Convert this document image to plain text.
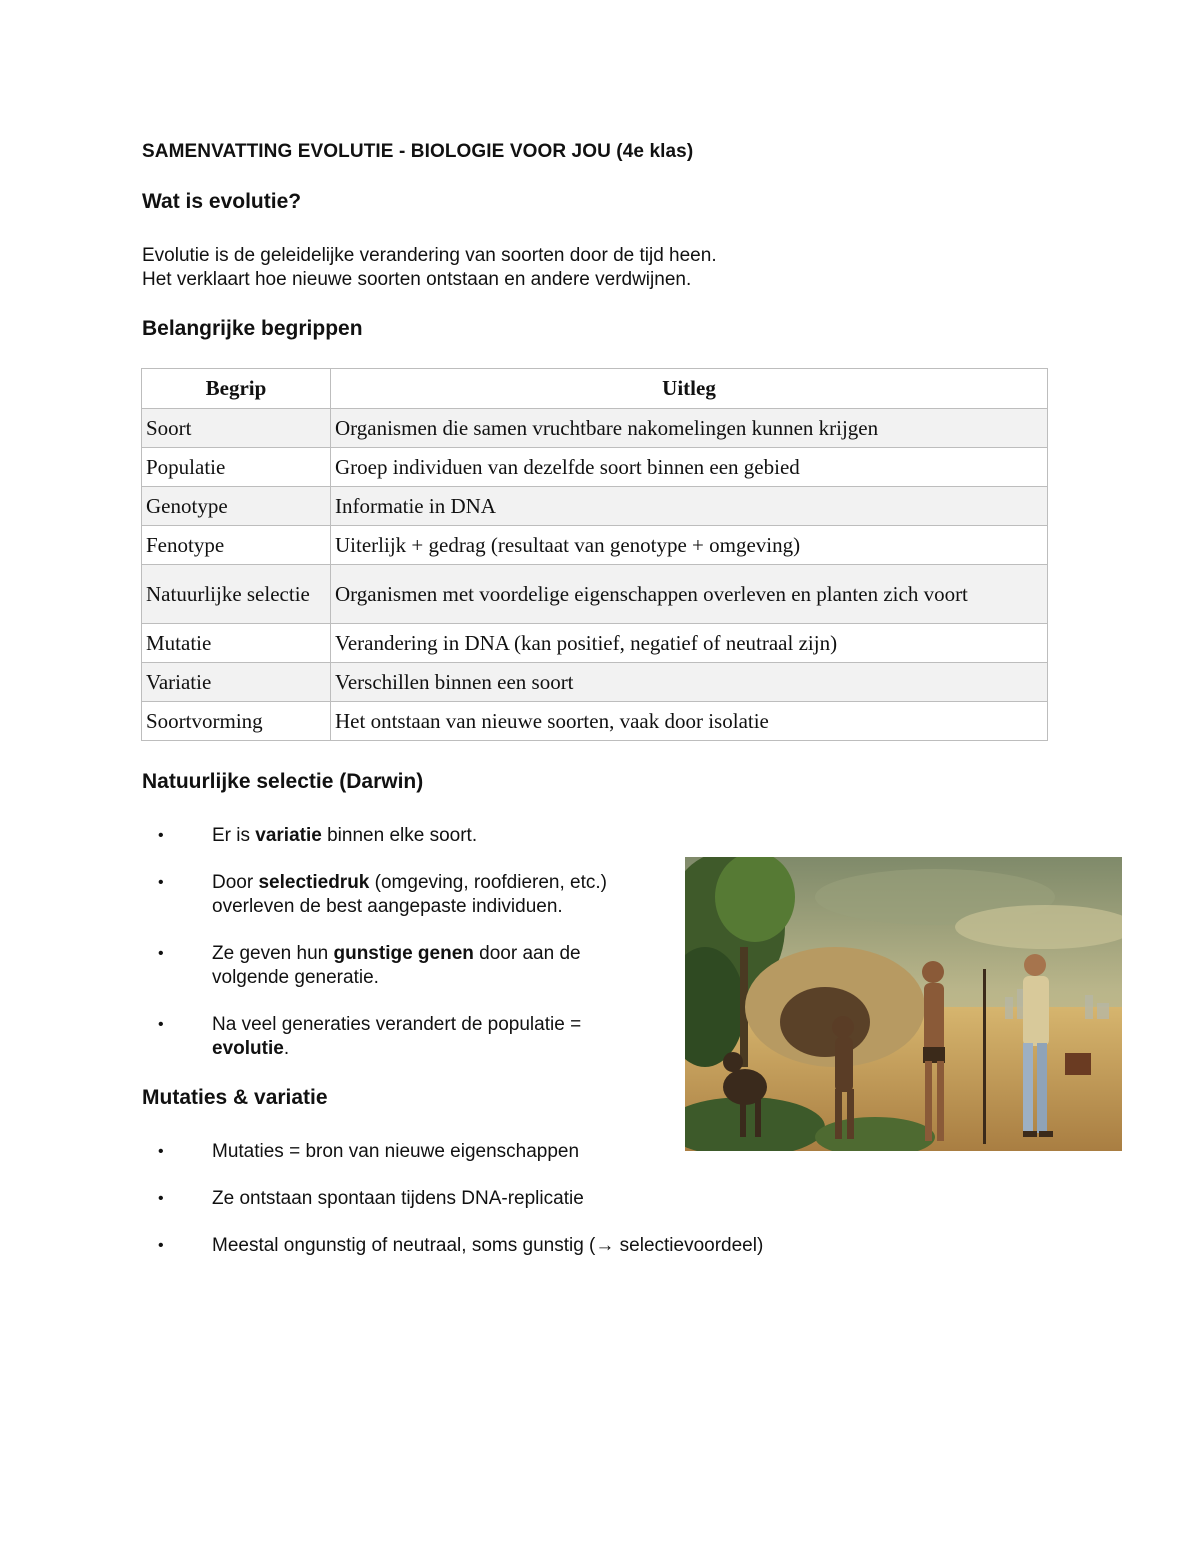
SAMENVATTING EVOLUTIE - BIOLOGIE VOOR JOU (4e klas)
Wat is evolutie?
Evolutie is de geleidelijke verandering van soorten door de tijd heen.
Het verklaart hoe nieuwe soorten ontstaan en andere verdwijnen.
Belangrijke begrippen
Begrip	Uitleg
Soort	Organismen die samen vruchtbare nakomelingen kunnen krijgen
Populatie	Groep individuen van dezelfde soort binnen een gebied
Genotype	Informatie in DNA
Fenotype	Uiterlijk + gedrag (resultaat van genotype + omgeving)
Natuurlijke selectie	Organismen met voordelige eigenschappen overleven en planten zich voort
Mutatie	Verandering in DNA (kan positief, negatief of neutraal zijn)
Variatie	Verschillen binnen een soort
Soortvorming	Het ontstaan van nieuwe soorten, vaak door isolatie
Natuurlijke selectie (Darwin)
• Er is variatie binnen elke soort.
• Door selectiedruk (omgeving, roofdieren, etc.) overleven de best aangepaste individuen.
• Ze geven hun gunstige genen door aan de volgende generatie.
• Na veel generaties verandert de populatie = evolutie.
Mutaties & variatie
• Mutaties = bron van nieuwe eigenschappen
• Ze ontstaan spontaan tijdens DNA-replicatie
• Meestal ongunstig of neutraal, soms gunstig (→ selectievoordeel)
